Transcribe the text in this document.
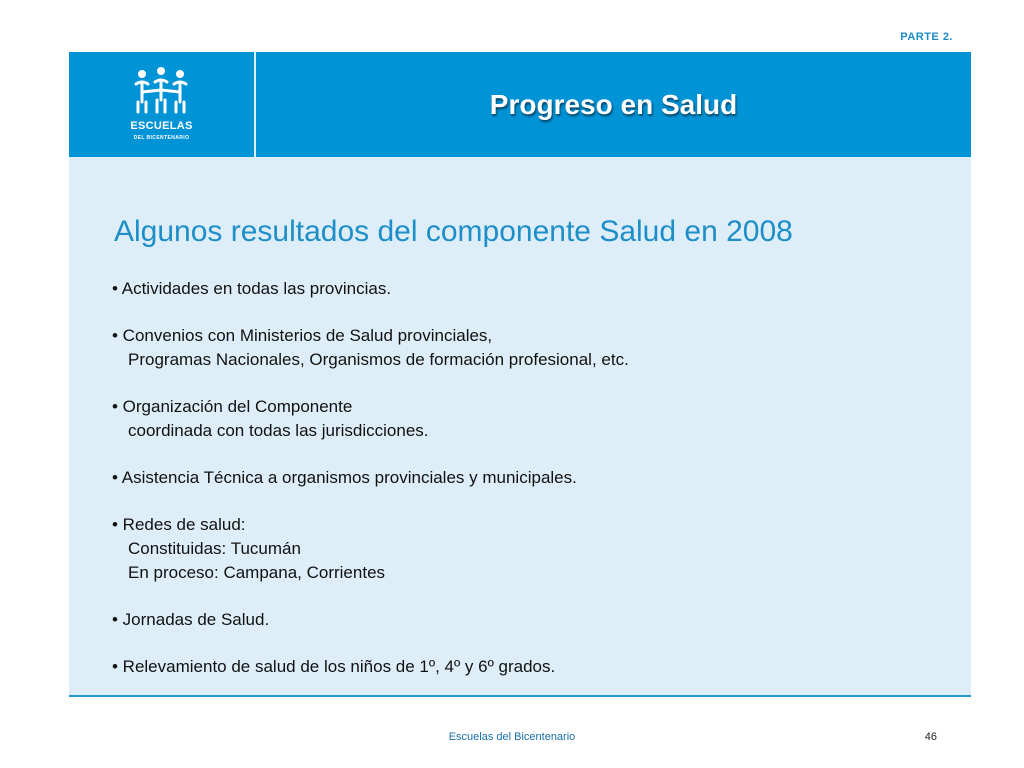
PARTE 2.
ESCUELAS
DEL BICENTENARIO
Progreso en Salud
Algunos resultados del componente Salud en 2008
• Actividades en todas las provincias.
• Convenios con Ministerios de Salud provinciales,
Programas Nacionales, Organismos de formación profesional, etc.
• Organización del Componente
coordinada con todas las jurisdicciones.
• Asistencia Técnica a organismos provinciales y municipales.
• Redes de salud:
Constituidas: Tucumán
En proceso: Campana, Corrientes
• Jornadas de Salud.
• Relevamiento de salud de los niños de 1º, 4º y 6º grados.
Escuelas del Bicentenario	46
